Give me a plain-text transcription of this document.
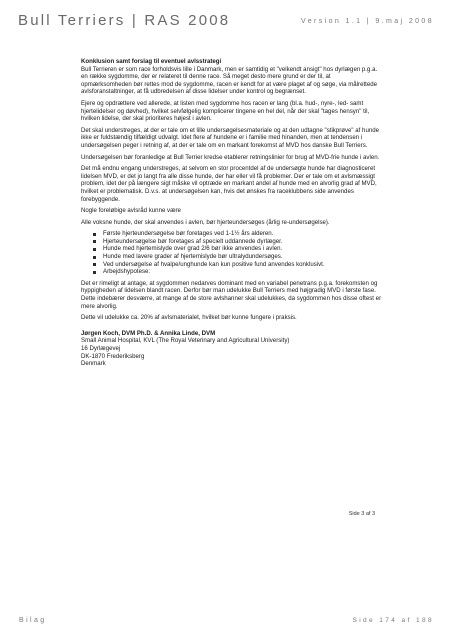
Bull Terriers | RAS 2008	Version 1.1 | 9.maj 2008

Konklusion samt forslag til eventuel avlsstrategi

Bull Terrieren er som race forholdsvis lille i Danmark, men er samtidig et "velkendt ansigt" hos dyrlægen p.g.a. en række sygdomme, der er relateret til denne race. Så meget desto mere grund er der til, at opmærksomheden bør rettes mod de sygdomme, racen er kendt for at være plaget af og søge, via målrettede avlsforanstaltninger, at få udbredelsen af disse lidelser under kontrol og begrænset.

Ejere og opdrættere ved allerede, at listen med sygdomme hos racen er lang (bl.a. hud-, nyre-, led- samt hjertelidelser og døvhed), hvilket selvfølgelig komplicerer tingene en hel del, når der skal "tages hensyn" til, hvilken lidelse, der skal prioriteres højest i avlen.

Det skal understreges, at der er tale om et lille undersøgelsesmateriale og at den udtagne "stikprøve" af hunde ikke er fuldstændig tilfældigt udvalgt. Idet flere af hundene er i familie med hinanden, men at tendensen i undersøgelsen peger i retning af, at der er tale om en markant forekomst af MVD hos danske Bull Terriers.

Undersøgelsen bør foranledige at Bull Terrier kredse etablerer retningslinier for brug af MVD-frie hunde i avlen.

Det må endnu engang understreges, at selvom en stor procentdel af de undersøgte hunde har diagnosticeret lidelsen MVD, er det jo langt fra alle disse hunde, der har eller vil få problemer. Der er tale om et avlsmæssigt problem, idet der på længere sigt måske vil optræde en markant andel af hunde med en alvorlig grad af MVD, hvilket er problematisk. D.v.s. at undersøgelsen kan, hvis det ønskes fra raceklubbens side anvendes forebyggende.

Nogle foreløbige avlsråd kunne være

Alle voksne hunde, der skal anvendes i avlen, bør hjerteundersøges (årlig re-undersøgelse).

Første hjerteundersøgelse bør foretages ved 1-1½ års alderen.
Hjerteundersøgelse bør foretages af specielt uddannede dyrlæger.
Hunde med hjertemislyde over grad 2/6 bør ikke anvendes i avlen.
Hunde med lavere grader af hjertemislyde bør ultralydundersøges.
Ved undersøgelse af hvalpe/unghunde kan kun positive fund anvendes konklusivt.
Arbejdshypotese:

Det er rimeligt at antage, at sygdommen nedarves dominant med en variabel penetrans p.g.a. forekomsten og hyppigheden af lidelsen blandt racen. Derfor bør man udelukke Bull Terriers med højgradig MVD i første fase. Dette indebærer desværre, at mange af de store avlshanner skal udelukkes, da sygdommen hos disse oftest er mere alvorlig.

Dette vil udelukke ca. 20% af avlsmaterialet, hvilket bør kunne fungere i praksis.

Jørgen Koch, DVM Ph.D. & Annika Linde, DVM

Small Animal Hospital, KVL (The Royal Veterinary and Agricultural University)

16 Dyrlægevej

DK-1870 Frederiksberg

Denmark

Side 3 af 3
Bilag	Side 174 af 188
